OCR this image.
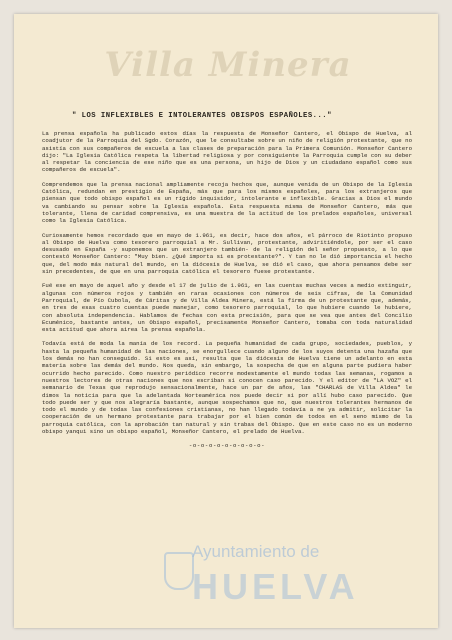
Villa Minera
" LOS INFLEXIBLES E INTOLERANTES OBISPOS ESPAÑOLES..."

La prensa española ha publicado estos días la respuesta de Monseñor Cantero, el Obispo de Huelva, al coadjutor de la Parroquia del Sgdo. Corazón, que le consultabe sobre un niño de religión protestante, que no asistía con sus compañeros de escuela a las clases de preparación para la Primera Comunión. Monseñor Cantero dijo: "La Iglesia Católica respeta la libertad religiosa y por consiguiente la Parroquia cumple con su deber al respetar la conciencia de ese niño que es una persona, un hijo de Dios y un ciudadano español como sus compañeros de escuela".

Comprendemos que la prensa nacional ampliamente recoja hechos que, aunque venida de un Obispo de la Iglesia Católica, redundan en prestigio de España, más que para los mismos españoles, para los extranjeros que piensan que todo obispo español es un rígido inquisidor, intolerante e inflexible. Gracias a Dios el mundo va cambiando su pensar sobre la Iglesia española. Esta respuesta misma de Monseñor Cantero, más que tolerante, llena de caridad comprensiva, es una muestra de la actitud de los prelados españoles, universal como la Iglesia Católica.

Curiosamente hemos recordado que en mayo de 1.961, es decir, hace dos años, el párroco de Riotinto propuso al Obispo de Huelva como tesorero parroquial a Mr. Sullivan, protestante, adviritiéndole, por ser el caso desusado en España -y suponemos que un extranjero también- de la religión del señor propuesto, a lo que contestó Monseñor Cantero: "Muy bien. ¿Qué importa si es protestante?". Y tan no le dió importancia el hecho que, del modo más natural del mundo, en la diócesis de Huelva, se dió el caso, que ahora pensamos debe ser sin precedentes, de que en una parroquia católica el tesorero fuese protestante.

Fué ese en mayo de aquel año y desde el 17 de julio de 1.961, en las cuentas muchas veces a medio extinguir, algunas con números rojos y también en raras ocasiones con números de seis cifras, de la Comunidad Parroquial, de Pío Cubola, de Cáritas y de Villa Aldea Minera, está la firma de un protestante que, además, en tres de esas cuatro cuentas puede manejar, como tesorero parroquial, lo que hubiere cuando le hubiere, con absoluta independencia. Hablamos de fechas con esta precisión, para que se vea que antes del Concilio Ecuménico, bastante antes, un Obispo español, precisamente Monseñor Cantero, tomaba con toda naturalidad esta actitud que ahora airea la prensa española.

Todavía está de moda la manía de los record. La pequeña humanidad de cada grupo, sociedades, pueblos, y hasta la pequeña humanidad de las naciones, se enorgullece cuando alguno de los suyos detenta una hazaña que los demás no han conseguido. Si esto es así, resulta que la diócesis de Huelva tiene un adelanto en esta materia sobre las demás del mundo. Nos queda, sin embargo, la sospecha de que en alguna parte pudiera haber ocurrido hecho parecido. Como nuestro periódico recorre modestamente el mundo todas las semanas, rogamos a nuestros lectores de otras naciones que nos escriban si conocen caso parecido. Y el editor de "LA VOZ" el semanario de Texas que reprodujo sensacionalmente, hace un par de años, las "CHARLAS de Villa Aldea" le dimos la noticia para que la adelantada Norteamérica nos puede decir si por allí hubo caso parecido. Que todo puede ser y que nos alegraría bastante, aunque sospechamos que no, que nuestros tolerantes hermanos de todo el mundo y de todas las confesiones cristianas, no han llegado todavía a ne ya admitir, solicitar la cooperación de un hermano protestante para trabajar por el bien común de todos en el seno mismo de la parroquia católica, con la aprobación tan natural y sin trabas del Obispo. Que en este caso no es un moderno obispo yanqui sino un obispo español, Monseñor Cantero, el prelado de Huelva.

-o-o-o-o-o-o-o-o-o-
Ayuntamiento de
HUELVA
